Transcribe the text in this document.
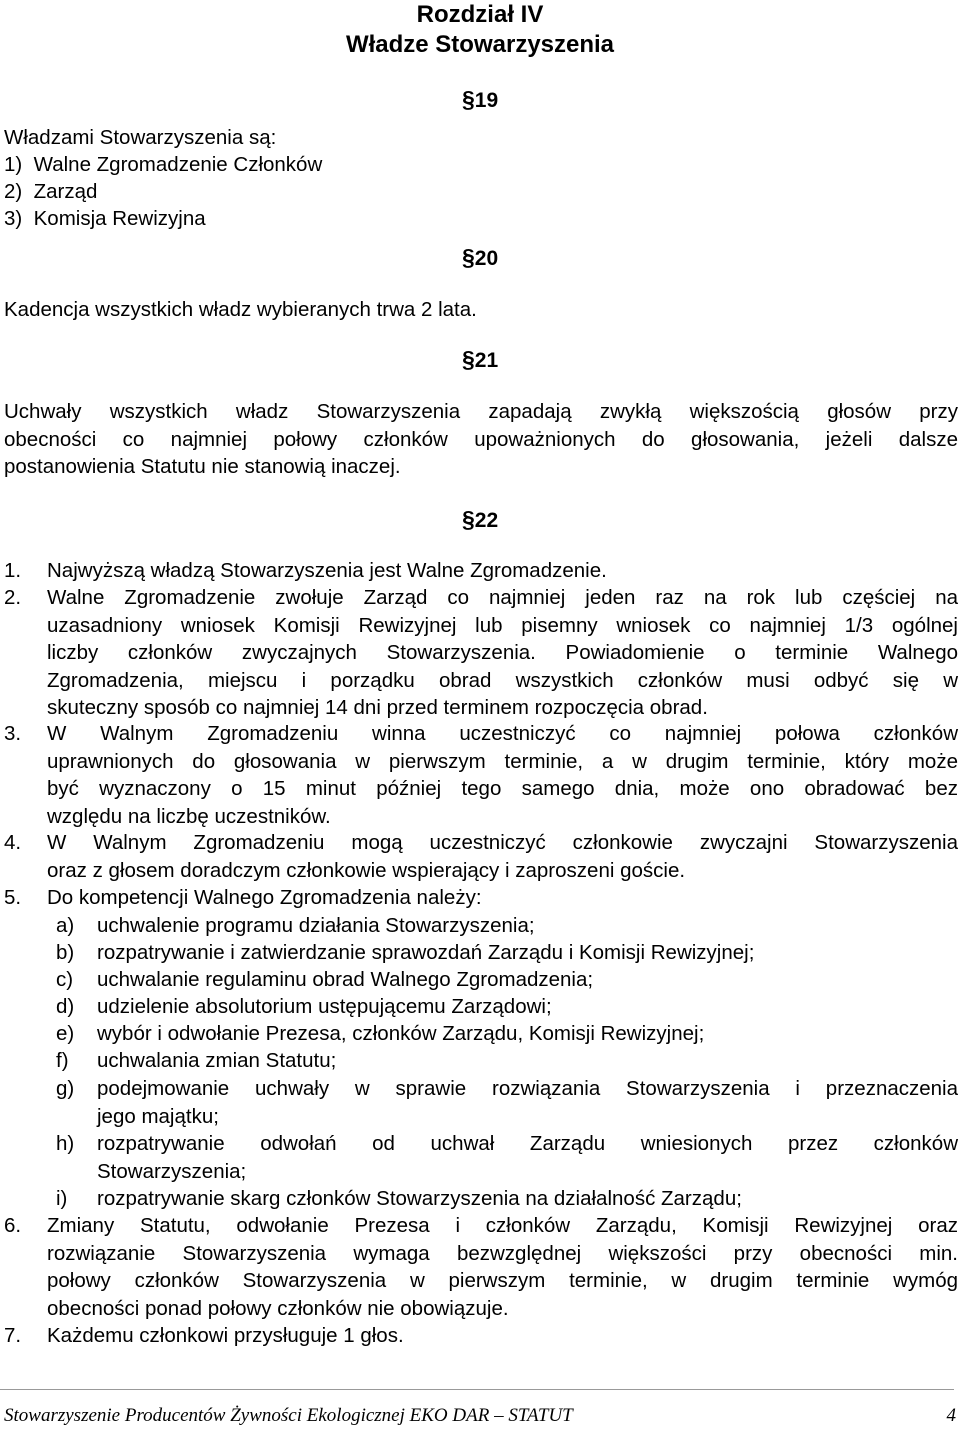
Rozdział IV
Władze Stowarzyszenia
§19
Władzami Stowarzyszenia są:
1)  Walne Zgromadzenie Członków
2)  Zarząd
3)  Komisja Rewizyjna
§20
Kadencja wszystkich władz wybieranych trwa 2 lata.
§21
Uchwały wszystkich władz Stowarzyszenia zapadają zwykłą większością głosów przy
obecności co najmniej połowy członków upoważnionych do głosowania, jeżeli dalsze
postanowienia Statutu nie stanowią inaczej.
§22
1. Najwyższą władzą Stowarzyszenia jest Walne Zgromadzenie.
2. Walne Zgromadzenie zwołuje Zarząd co najmniej jeden raz na rok lub częściej na
uzasadniony wniosek Komisji Rewizyjnej lub pisemny wniosek co najmniej 1/3 ogólnej
liczby członków zwyczajnych Stowarzyszenia. Powiadomienie o terminie Walnego
Zgromadzenia, miejscu i porządku obrad wszystkich członków musi odbyć się w
skuteczny sposób co najmniej 14 dni przed terminem rozpoczęcia obrad.
3. W Walnym Zgromadzeniu winna uczestniczyć co najmniej połowa członków
uprawnionych do głosowania w pierwszym terminie, a w drugim terminie, który może
być wyznaczony o 15 minut później tego samego dnia, może ono obradować bez
względu na liczbę uczestników.
4. W Walnym Zgromadzeniu mogą uczestniczyć członkowie zwyczajni Stowarzyszenia
oraz z głosem doradczym członkowie wspierający i zaproszeni goście.
5. Do kompetencji Walnego Zgromadzenia należy:
a) uchwalenie programu działania Stowarzyszenia;
b) rozpatrywanie i zatwierdzanie sprawozdań Zarządu i Komisji Rewizyjnej;
c) uchwalanie regulaminu obrad Walnego Zgromadzenia;
d) udzielenie absolutorium ustępującemu Zarządowi;
e) wybór i odwołanie Prezesa, członków Zarządu, Komisji Rewizyjnej;
f) uchwalania zmian Statutu;
g) podejmowanie uchwały w sprawie rozwiązania Stowarzyszenia i przeznaczenia
jego majątku;
h) rozpatrywanie odwołań od uchwał Zarządu wniesionych przez członków
Stowarzyszenia;
i) rozpatrywanie skarg członków Stowarzyszenia na działalność Zarządu;
6. Zmiany Statutu, odwołanie Prezesa i członków Zarządu, Komisji Rewizyjnej oraz
rozwiązanie Stowarzyszenia wymaga bezwzględnej większości przy obecności min.
połowy członków Stowarzyszenia w pierwszym terminie, w drugim terminie wymóg
obecności ponad połowy członków nie obowiązuje.
7. Każdemu członkowi przysługuje 1 głos.
Stowarzyszenie Producentów Żywności Ekologicznej EKO DAR – STATUT	4
